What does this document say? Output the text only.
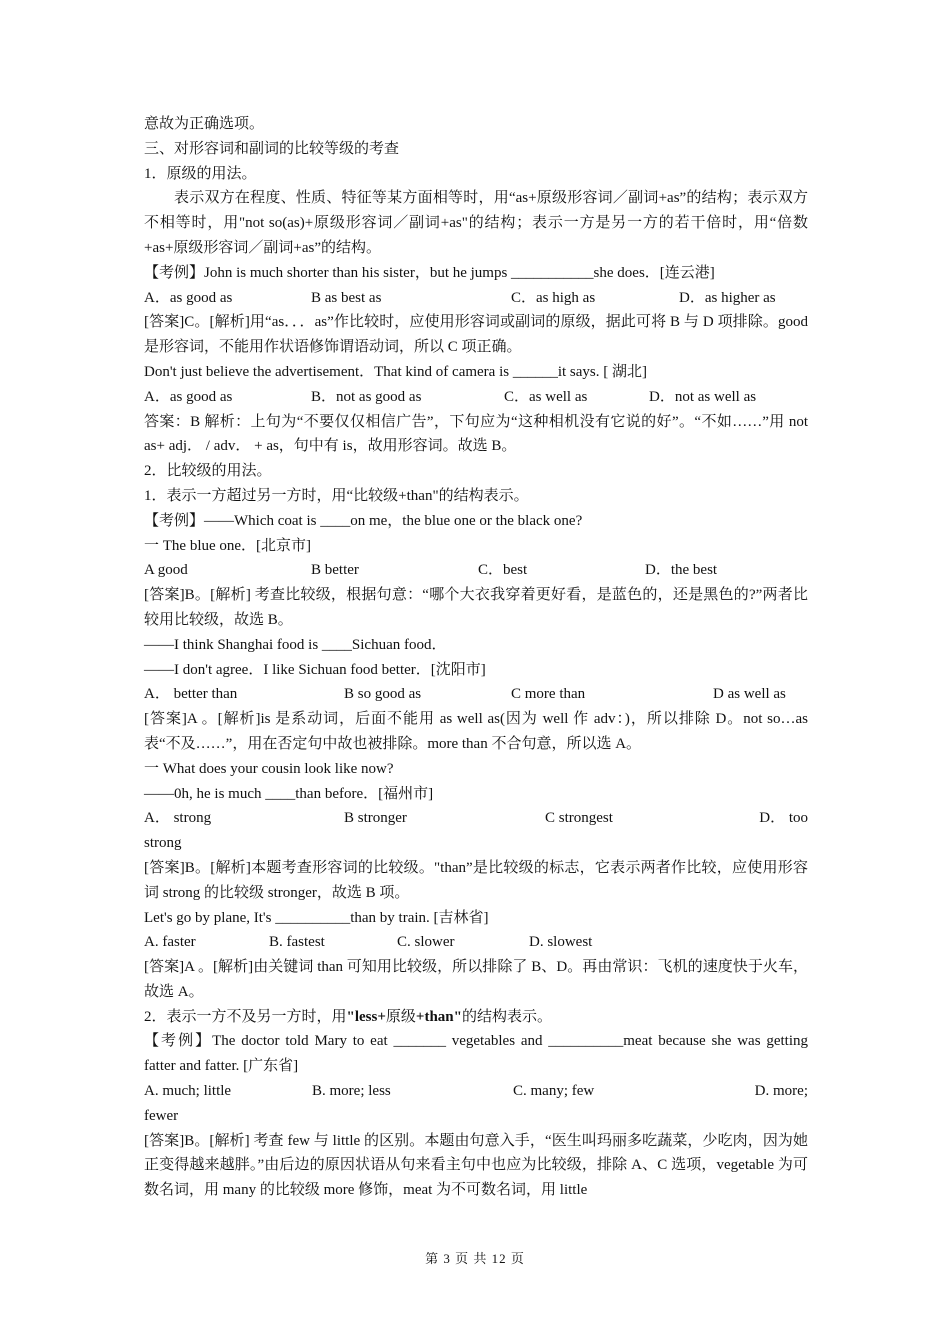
意故为正确选项。
三、对形容词和副词的比较等级的考查
1．原级的用法。
表示双方在程度、性质、特征等某方面相等时，用“as+原级形容词／副词+as”的结构；表示双方不相等时，用"not so(as)+原级形容词／副词+as"的结构；表示一方是另一方的若干倍时，用“倍数+as+原级形容词／副词+as”的结构。
【考例】John is much shorter than his sister，but he jumps ___________she does．[连云港]
A．as good as	B as best as	C．as high as	D．as higher as
[答案]C。[解析]用“as．．．as”作比较时，应使用形容词或副词的原级，据此可将 B 与 D 项排除。good 是形容词，不能用作状语修饰谓语动词，所以 C 项正确。
Don't just believe the advertisement．That kind of camera is ______it says. [ 湖北]
A．as good as	B．not as good as	C．as well as	D．not as well as
答案：B 解析：上句为“不要仅仅相信广告”，下句应为“这种相机没有它说的好”。“不如……”用 not as+ adj． / adv． + as，句中有 is，故用形容词。故选 B。
2．比较级的用法。
1．表示一方超过另一方时，用“比较级+than"的结构表示。
【考例】——Which coat is ____on me，the blue one or the black one?
一 The blue one．[北京市]
A good	B better	C．best	D．the best
[答案]B。[解析] 考查比较级，根据句意：“哪个大衣我穿着更好看，是蓝色的，还是黑色的?”两者比较用比较级，故选 B。
——I think Shanghai food is ____Sichuan food．
——I don't agree．I like Sichuan food better．[沈阳市]
A． better than	B so good as	C more than	D as well as
[答案]A 。[解析]is 是系动词，后面不能用 as well as(因为 well 作 adv：)，所以排除 D。not so…as 表“不及……”，用在否定句中故也被排除。more than 不合句意，所以选 A。
一 What does your cousin look like now?
——0h, he is much ____than before．[福州市]
A． strong	B stronger	C strongest	D． too
strong
[答案]B。[解析]本题考查形容词的比较级。"than”是比较级的标志，它表示两者作比较，应使用形容词 strong 的比较级 stronger，故选 B 项。
Let's go by plane, It's __________than by train. [吉林省]
A. faster	B. fastest	C. slower	D. slowest
[答案]A 。[解析]由关键词 than 可知用比较级，所以排除了 B、D。再由常识：飞机的速度快于火车，故选 A。
2．表示一方不及另一方时，用"less+原级+than"的结构表示。
【考例】The doctor told Mary to eat _______ vegetables and __________meat because she was getting fatter and fatter. [广东省]
A. much; little	B. more; less	C. many; few	D. more;
fewer
[答案]B。[解析] 考查 few 与 little 的区别。本题由句意入手，“医生叫玛丽多吃蔬菜，少吃肉，因为她正变得越来越胖。”由后边的原因状语从句来看主句中也应为比较级，排除 A、C 选项，vegetable 为可数名词，用 many 的比较级 more 修饰，meat 为不可数名词，用 little
第 3 页 共 12 页
